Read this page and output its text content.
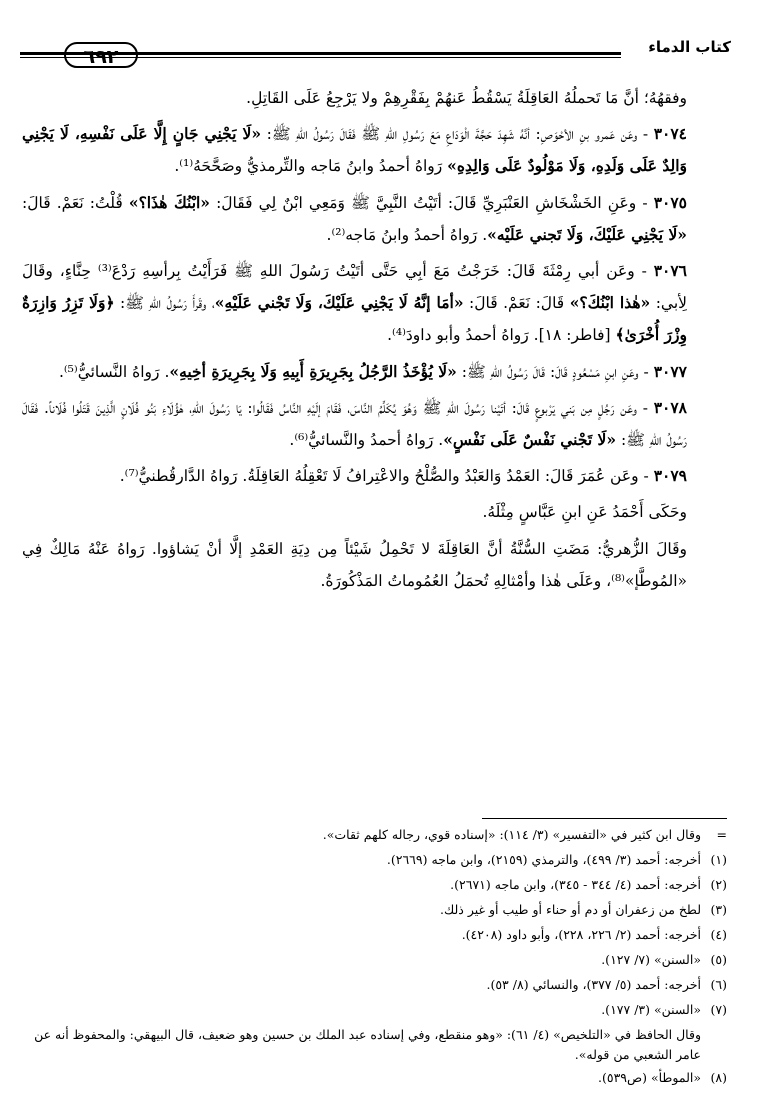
كتاب الدماء
٦٩٢

وفقهُهُ؛ أنَّ مَا تَحملُهُ العَاقِلَةُ يَسْقُطُ عَنهُمْ بِفَقْرِهِمْ ولا يَرْجِعُ عَلَى القَاتِلِ.

٣٠٧٤ - وعَن عَمرو بنِ الأحْوَصِ: أنَّهُ شَهِدَ حَجَّةَ الْوَدَاعِ مَعَ رَسُولِ اللهِ ﷺ فَقَالَ رَسُولُ اللهِ ﷺ: «لَا يَجْنِي جَانٍ إِلَّا عَلَى نَفْسِهِ، لَا يَجْنِي وَالِدٌ عَلَى وَلَدِهِ، وَلَا مَوْلُودٌ عَلَى وَالِدِهِ» رَواهُ أحمدُ وابنُ مَاجه والتِّرمذيُّ وصَحَّحَهُ⁽¹⁾.

٣٠٧٥ - وعَنِ الخَشْخَاشِ العَنْبَرِيِّ قَالَ: أتَيْتُ النَّبِيَّ ﷺ وَمَعِي ابْنٌ لِي فَقَالَ: «ابْنُكَ هٰذَا؟» قُلْتُ: نَعَمْ. قَالَ: «لَا يَجْنِي عَلَيْكَ، وَلَا تَجني عَلَيْه». رَواهُ أحمدُ وابنُ مَاجه⁽²⁾.

٣٠٧٦ - وعَن أبي رِمْثَةَ قَالَ: خَرَجْتُ مَعَ أبِي حَتَّى أتَيْتُ رَسُولَ اللهِ ﷺ فَرَأَيْتُ بِرأسِهِ رَدْعَ⁽³⁾ حِنَّاءٍ، وقَالَ لِأبي: «هٰذا ابْنُكَ؟» قَالَ: نَعَمْ. قَالَ: «أمَا إنَّهُ لَا يَجْنِي عَلَيْكَ، وَلَا تَجْني عَلَيْهِ»، وقَرأَ رَسُولُ اللهِ ﷺ: ﴿وَلَا تَزِرُ وَازِرَةٌ وِزْرَ أُخْرَىٰ﴾ [فاطر: ١٨]. رَواهُ أحمدُ وأبو داودَ⁽⁴⁾.

٣٠٧٧ - وعَنِ ابنِ مَسْعُودٍ قَالَ: قَالَ رَسُولُ اللهِ ﷺ: «لَا يُؤْخَذُ الرَّجُلُ بِجَرِيرَةِ أَبِيهِ وَلَا بِجَرِيرَةِ أخِيهِ». رَواهُ النَّسائيُّ⁽⁵⁾.

٣٠٧٨ - وعَن رَجُلٍ مِن بَني يَرْبوعٍ قَالَ: أتَيْنا رَسُولَ اللهِ ﷺ وَهُوَ يُكَلِّمُ النَّاسَ، فَقَامَ إلَيْهِ النَّاسُ فَقَالُوا: يَا رَسُولَ اللهِ، هٰؤُلَاءِ بَنُو فُلَانٍ الَّذِينَ قَتَلُوا فُلَاناً. فَقَالَ رَسُولُ اللهِ ﷺ: «لَا تَجْني نَفْسٌ عَلَى نَفْسٍ». رَواهُ أحمدُ والنَّسائيُّ⁽⁶⁾.

٣٠٧٩ - وعَن عُمَرَ قَالَ: العَمْدُ وَالعَبْدُ والصُّلْحُ والاعْتِرافُ لَا تَعْقِلُهُ العَاقِلَةُ. رَواهُ الدَّارقُطنيُّ⁽⁷⁾.

وحَكَى أَحْمَدُ عَنِ ابنِ عَبَّاسٍ مِثْلَهُ.

وقَالَ الزُّهريُّ: مَضَتِ السُّنَّةُ أنَّ العَاقِلَةَ لا تَحْمِلُ شَيْئاً مِن دِيَةِ العَمْدِ إلَّا أنْ يَشاؤوا. رَواهُ عَنْهُ مَالِكٌ فِي «المُوطَّإ»⁽⁸⁾، وعَلَى هٰذا وأمْثالِهِ تُحمَلُ العُمُوماتُ المَذْكُورَةُ.

=
وقال ابن كثير في «التفسير» (٣/ ١١٤): «إسناده قوي، رجاله كلهم ثقات».
(١)
أخرجه: أحمد (٣/ ٤٩٩)، والترمذي (٢١٥٩)، وابن ماجه (٢٦٦٩).
(٢)
أخرجه: أحمد (٤/ ٣٤٤ - ٣٤٥)، وابن ماجه (٢٦٧١).
(٣)
لطخ من زعفران أو دم أو حناء أو طيب أو غير ذلك.
(٤)
أخرجه: أحمد (٢/ ٢٢٦، ٢٢٨)، وأبو داود (٤٢٠٨).
(٥)
«السنن» (٧/ ١٢٧).
(٦)
أخرجه: أحمد (٥/ ٣٧٧)، والنسائي (٨/ ٥٣).
(٧)
«السنن» (٣/ ١٧٧).
وقال الحافظ في «التلخيص» (٤/ ٦١): «وهو منقطع، وفي إسناده عبد الملك بن حسين وهو ضعيف، قال البيهقي: والمحفوظ أنه عن عامر الشعبي من قوله».
(٨)
«الموطأ» (ص٥٣٩).
